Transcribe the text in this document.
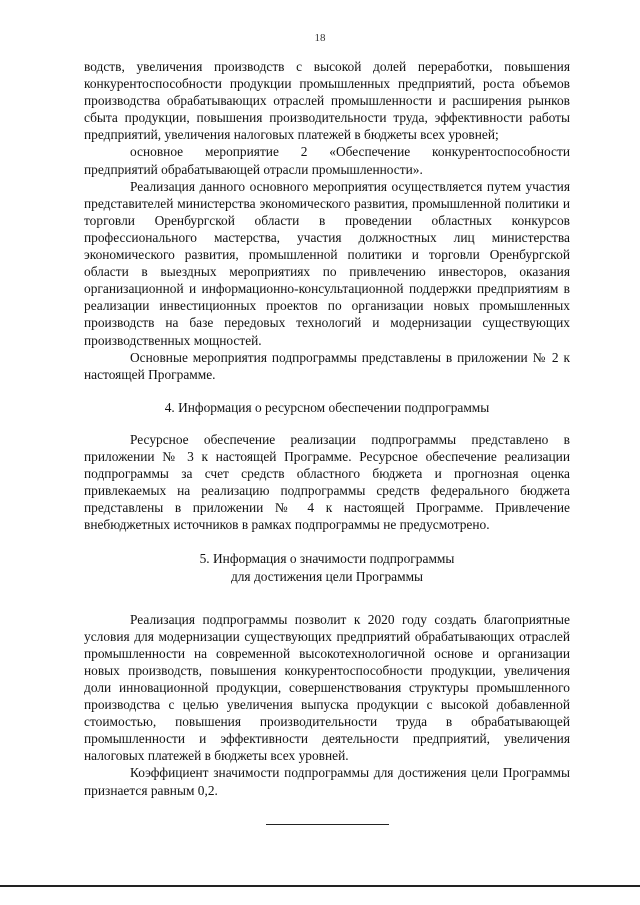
18

водств, увеличения производств с высокой долей переработки, повышения конкурентоспособности продукции промышленных предприятий, роста объемов производства обрабатывающих отраслей промышленности и расширения рынков сбыта продукции, повышения производительности труда, эффективности работы предприятий, увеличения налоговых платежей в бюджеты всех уровней;

основное мероприятие 2 «Обеспечение конкурентоспособности предприятий обрабатывающей отрасли промышленности».

Реализация данного основного мероприятия осуществляется путем участия представителей министерства экономического развития, промышленной политики и торговли Оренбургской области в проведении областных конкурсов профессионального мастерства, участия должностных лиц министерства экономического развития, промышленной политики и торговли Оренбургской области в выездных мероприятиях по привлечению инвесторов, оказания организационной и информационно-консультационной поддержки предприятиям в реализации инвестиционных проектов по организации новых промышленных производств на базе передовых технологий и модернизации существующих производственных мощностей.

Основные мероприятия подпрограммы представлены в приложении № 2 к настоящей Программе.

4. Информация о ресурсном обеспечении подпрограммы

Ресурсное обеспечение реализации подпрограммы представлено в приложении № 3 к настоящей Программе. Ресурсное обеспечение реализации подпрограммы за счет средств областного бюджета и прогнозная оценка привлекаемых на реализацию подпрограммы средств федерального бюджета представлены в приложении № 4 к настоящей Программе. Привлечение внебюджетных источников в рамках подпрограммы не предусмотрено.

5. Информация о значимости подпрограммы
для достижения цели Программы

Реализация подпрограммы позволит к 2020 году создать благоприятные условия для модернизации существующих предприятий обрабатывающих отраслей промышленности на современной высокотехнологичной основе и организации новых производств, повышения конкурентоспособности продукции, увеличения доли инновационной продукции, совершенствования структуры промышленного производства с целью увеличения выпуска продукции с высокой добавленной стоимостью, повышения производительности труда в обрабатывающей промышленности и эффективности деятельности предприятий, увеличения налоговых платежей в бюджеты всех уровней.

Коэффициент значимости подпрограммы для достижения цели Программы признается равным 0,2.
